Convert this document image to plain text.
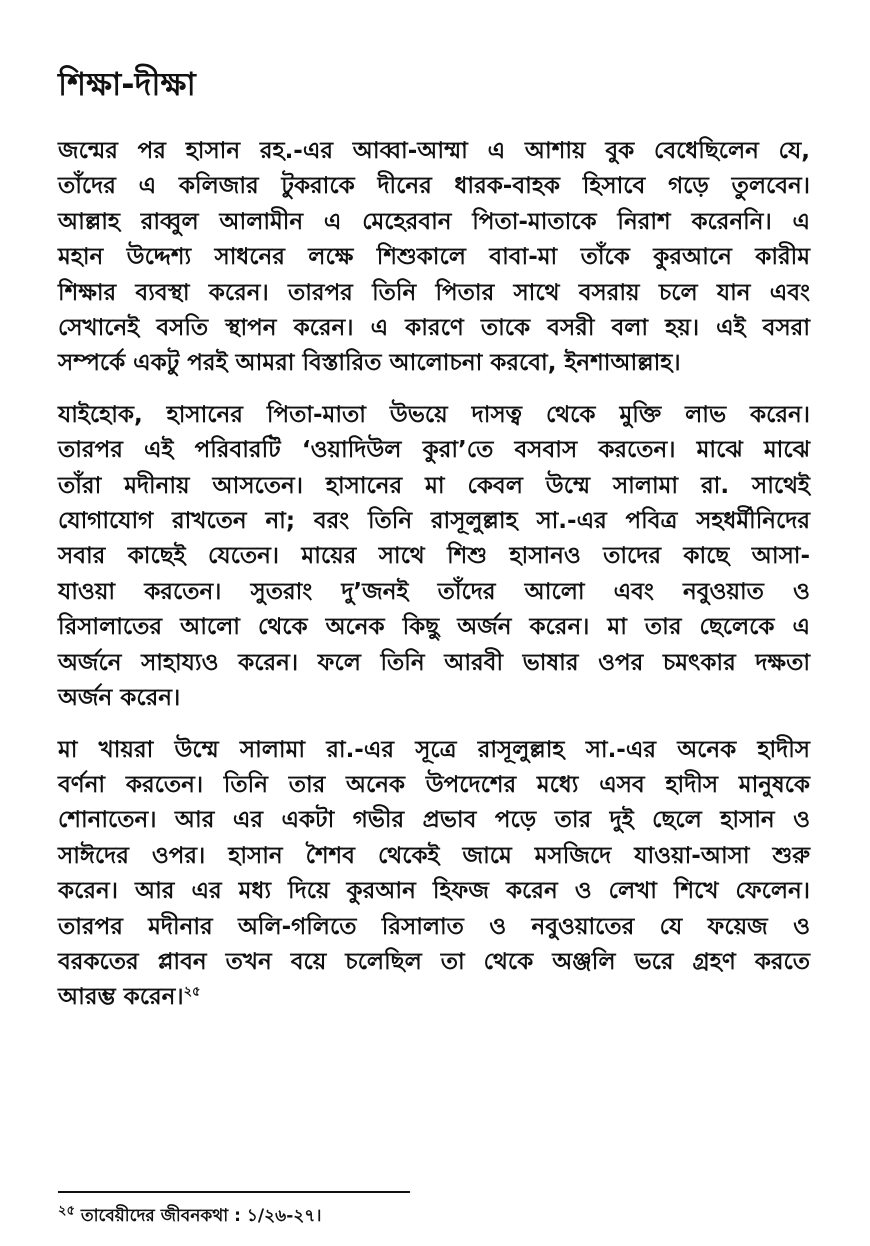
শিক্ষা-দীক্ষা
জন্মের পর হাসান রহ.-এর আব্বা-আম্মা এ আশায় বুক বেধেছিলেন যে,
তাঁদের এ কলিজার টুকরাকে দীনের ধারক-বাহক হিসাবে গড়ে তুলবেন।
আল্লাহ রাব্বুল আলামীন এ মেহেরবান পিতা-মাতাকে নিরাশ করেননি। এ
মহান উদ্দেশ্য সাধনের লক্ষে শিশুকালে বাবা-মা তাঁকে কুরআনে কারীম
শিক্ষার ব্যবস্থা করেন। তারপর তিনি পিতার সাথে বসরায় চলে যান এবং
সেখানেই বসতি স্থাপন করেন। এ কারণে তাকে বসরী বলা হয়। এই বসরা
সম্পর্কে একটু পরই আমরা বিস্তারিত আলোচনা করবো, ইনশাআল্লাহ।
যাইহোক, হাসানের পিতা-মাতা উভয়ে দাসত্ব থেকে মুক্তি লাভ করেন।
তারপর এই পরিবারটি ‘ওয়াদিউল কুরা’তে বসবাস করতেন। মাঝে মাঝে
তাঁরা মদীনায় আসতেন। হাসানের মা কেবল উম্মে সালামা রা. সাথেই
যোগাযোগ রাখতেন না; বরং তিনি রাসূলুল্লাহ সা.-এর পবিত্র সহধর্মীনিদের
সবার কাছেই যেতেন। মায়ের সাথে শিশু হাসানও তাদের কাছে আসা-
যাওয়া করতেন। সুতরাং দু’জনই তাঁদের আলো এবং নবুওয়াত ও
রিসালাতের আলো থেকে অনেক কিছু অর্জন করেন। মা তার ছেলেকে এ
অর্জনে সাহায্যও করেন। ফলে তিনি আরবী ভাষার ওপর চমৎকার দক্ষতা
অর্জন করেন।
মা খায়রা উম্মে সালামা রা.-এর সূত্রে রাসূলুল্লাহ সা.-এর অনেক হাদীস
বর্ণনা করতেন। তিনি তার অনেক উপদেশের মধ্যে এসব হাদীস মানুষকে
শোনাতেন। আর এর একটা গভীর প্রভাব পড়ে তার দুই ছেলে হাসান ও
সাঈদের ওপর। হাসান শৈশব থেকেই জামে মসজিদে যাওয়া-আসা শুরু
করেন। আর এর মধ্য দিয়ে কুরআন হিফজ করেন ও লেখা শিখে ফেলেন।
তারপর মদীনার অলি-গলিতে রিসালাত ও নবুওয়াতের যে ফয়েজ ও
বরকতের প্লাবন তখন বয়ে চলেছিল তা থেকে অঞ্জলি ভরে গ্রহণ করতে
আরম্ভ করেন।$^{২৫}$
$^{২৫}$ তাবেয়ীদের জীবনকথা : ১/২৬-২৭।
